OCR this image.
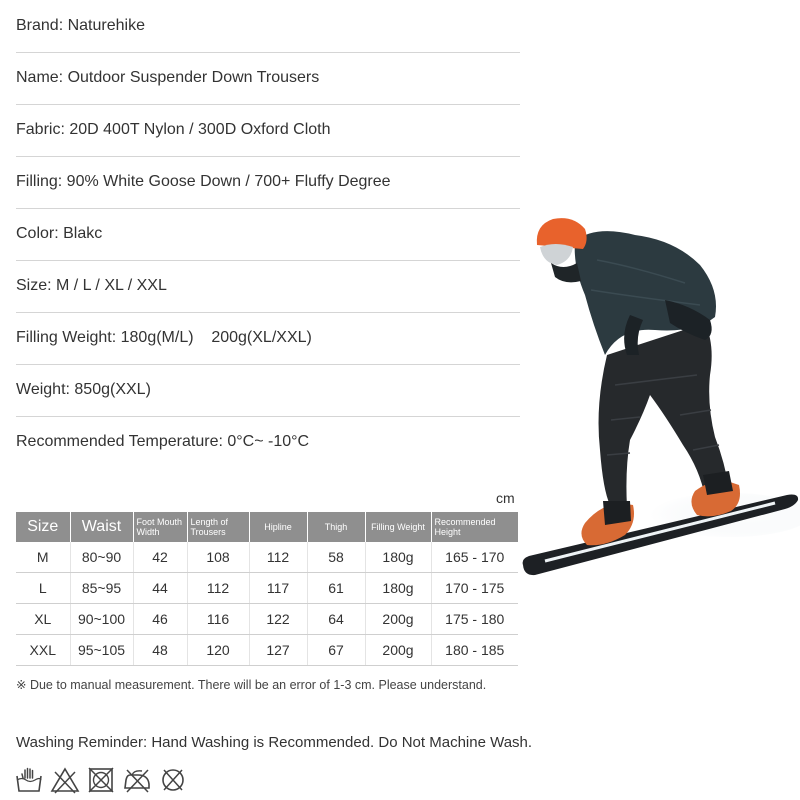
Brand: Naturehike
Name: Outdoor Suspender Down Trousers
Fabric: 20D 400T Nylon / 300D Oxford Cloth
Filling: 90% White Goose Down / 700+ Fluffy Degree
Color: Blakc
Size: M / L / XL / XXL
Filling Weight: 180g(M/L)    200g(XL/XXL)
Weight: 850g(XXL)
Recommended Temperature: 0°C~ -10°C
cm
Size	Waist	Foot Mouth Width	Length of Trousers	Hipline	Thigh	Filling Weight	Recommended Height
M	80~90	42	108	112	58	180g	165 - 170
L	85~95	44	112	117	61	180g	170 - 175
XL	90~100	46	116	122	64	200g	175 - 180
XXL	95~105	48	120	127	67	200g	180 - 185
※ Due to manual measurement. There will be an error of 1-3 cm. Please understand.
Washing Reminder: Hand Washing is Recommended. Do Not Machine Wash.
